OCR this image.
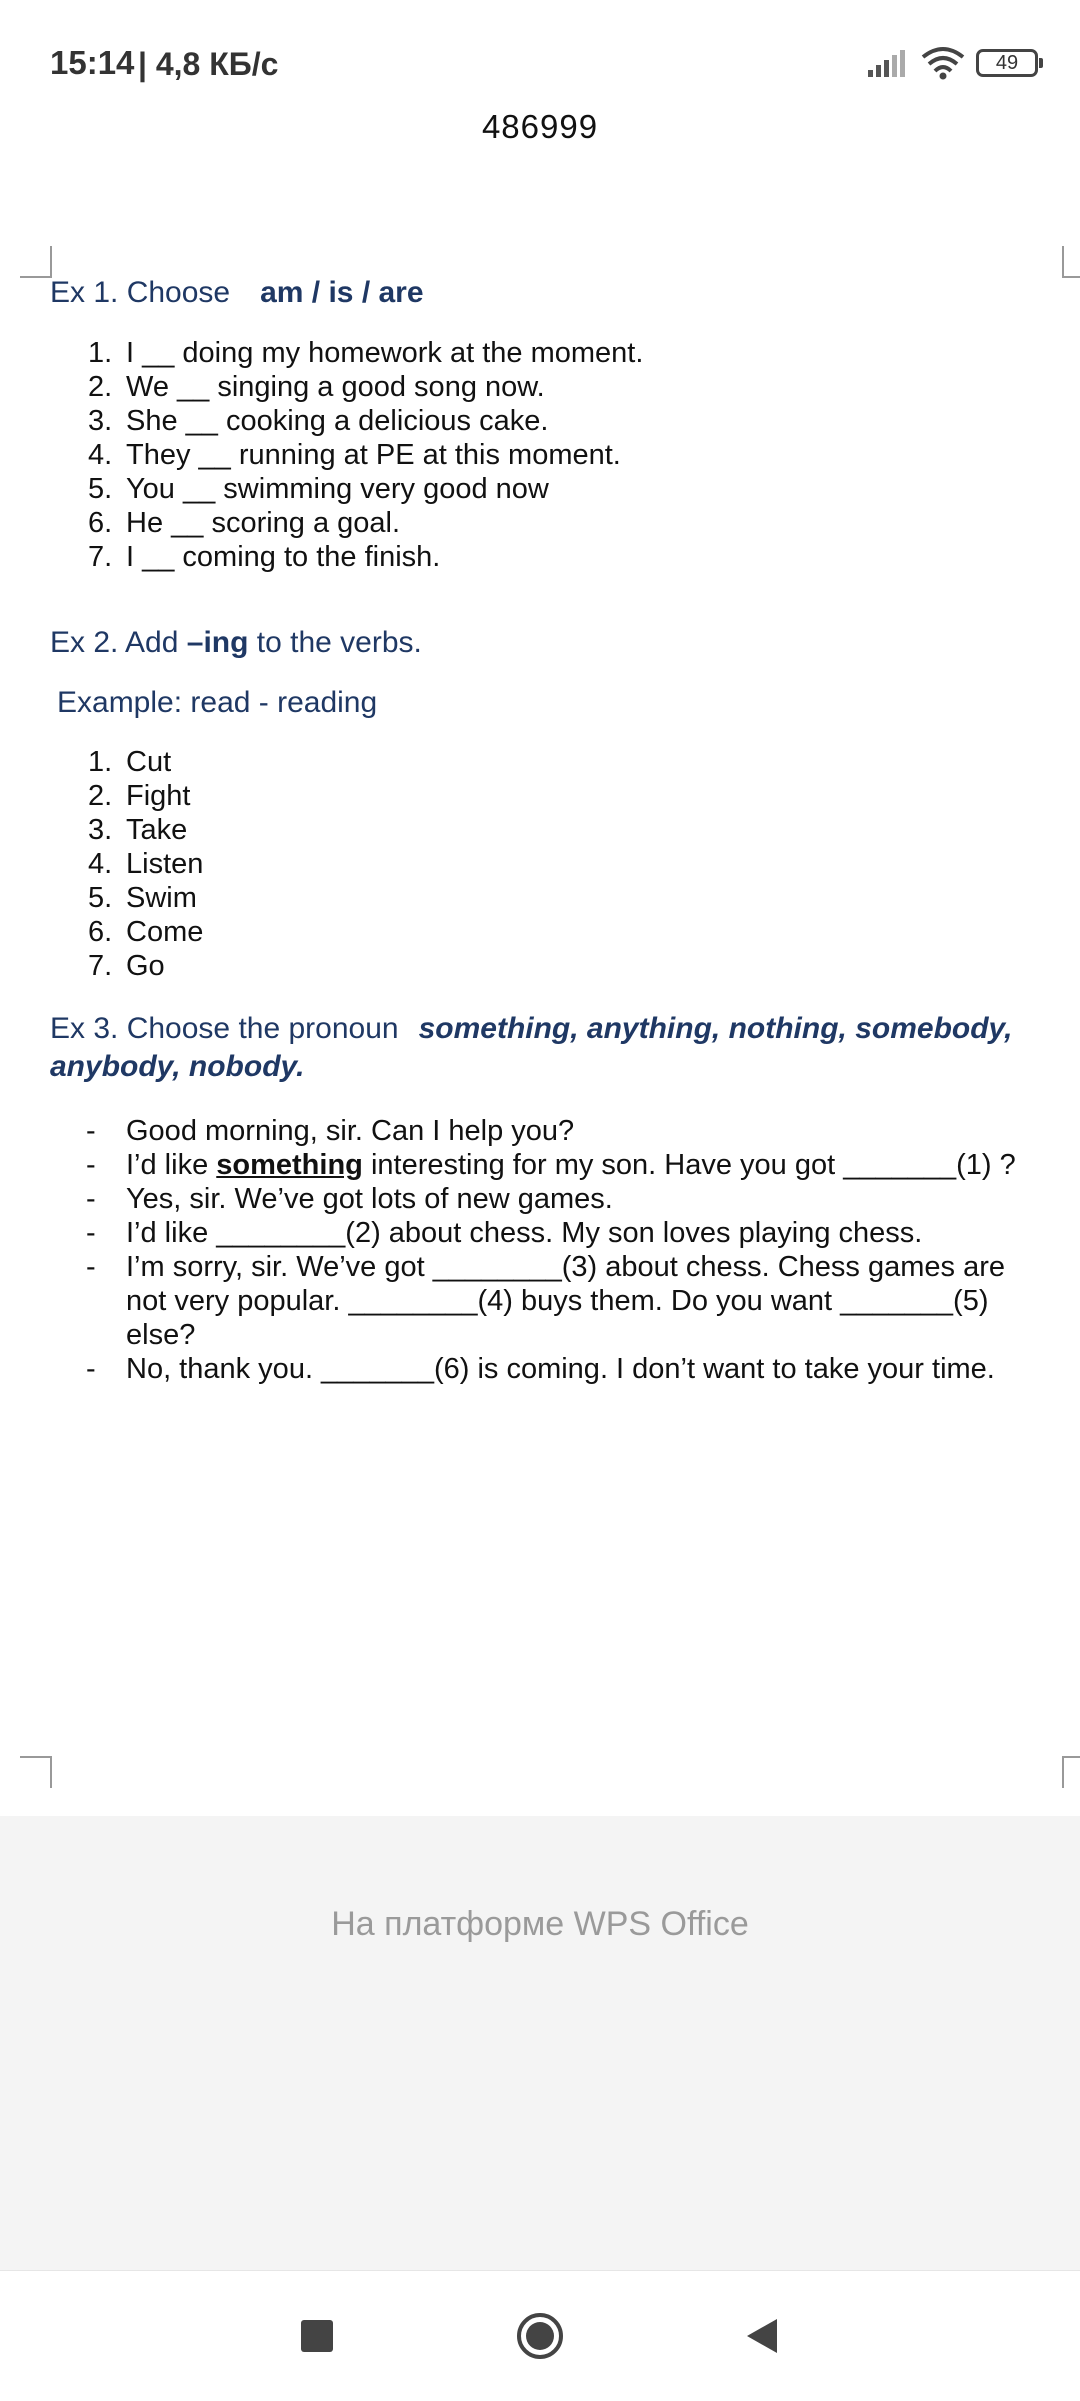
15:14 | 4,8 КБ/с	49
486999
Ex 1. Choose am / is / are
1. I __ doing my homework at the moment.
2. We __ singing a good song now.
3. She __ cooking a delicious cake.
4. They __ running at PE at this moment.
5. You __ swimming very good now
6. He __ scoring a goal.
7. I __ coming to the finish.
Ex 2. Add –ing to the verbs.
Example: read - reading
1. Cut
2. Fight
3. Take
4. Listen
5. Swim
6. Come
7. Go
Ex 3. Choose the pronoun something, anything, nothing, somebody, anybody, nobody.
- Good morning, sir. Can I help you?
- I’d like something interesting for my son. Have you got _______(1) ?
- Yes, sir. We’ve got lots of new games.
- I’d like ________(2) about chess. My son loves playing chess.
- I’m sorry, sir. We’ve got ________(3) about chess. Chess games are not very popular. ________(4) buys them. Do you want _______(5) else?
- No, thank you. _______(6) is coming. I don’t want to take your time.
На платформе WPS Office
